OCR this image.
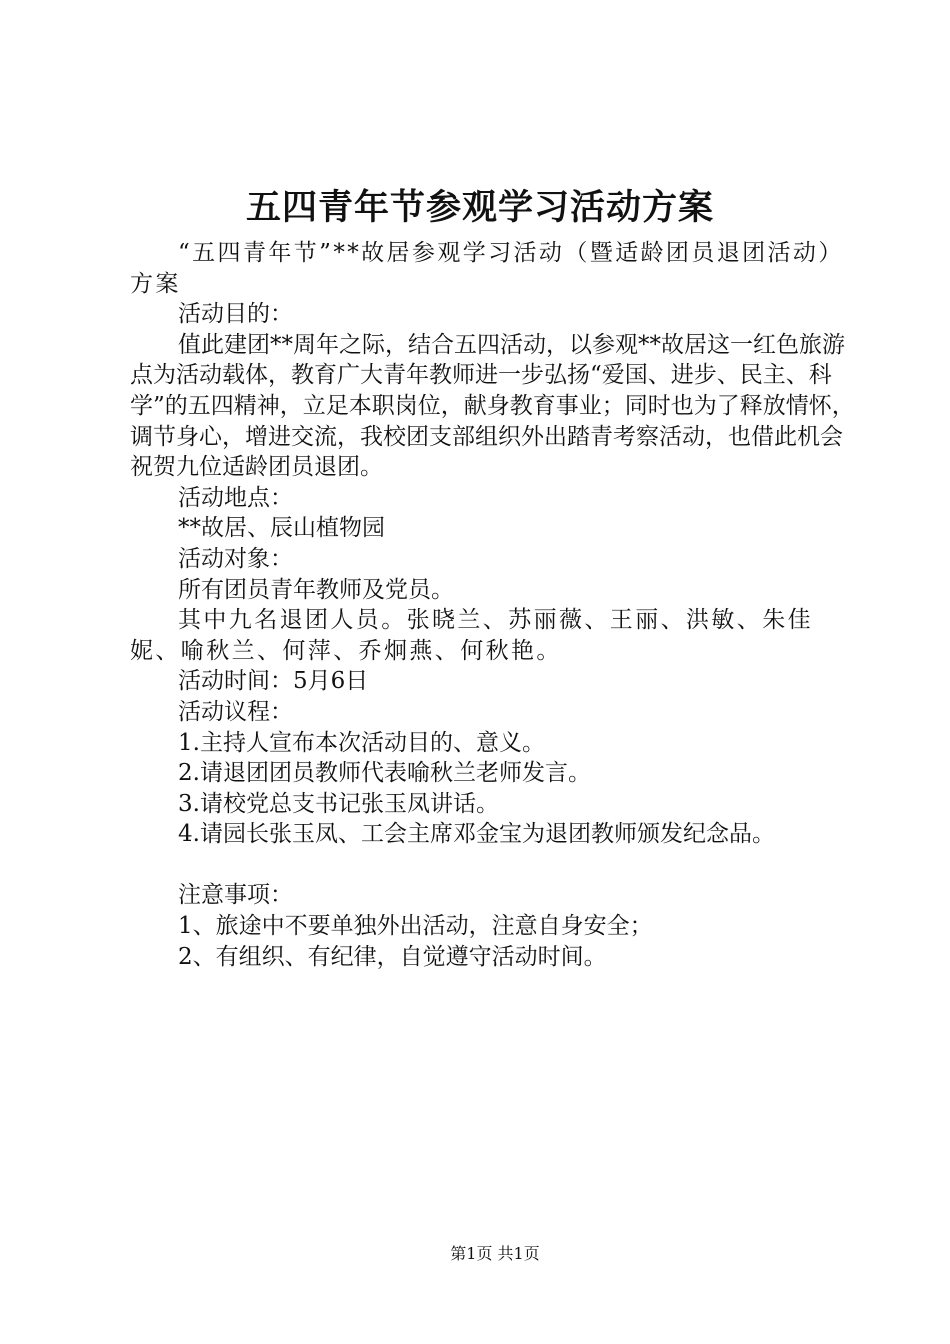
五四青年节参观学习活动方案

“五四青年节”**故居参观学习活动（暨适龄团员退团活动）方案

活动目的：

值此建团**周年之际，结合五四活动，以参观**故居这一红色旅游点为活动载体，教育广大青年教师进一步弘扬“爱国、进步、民主、科学”的五四精神，立足本职岗位，献身教育事业；同时也为了释放情怀，调节身心，增进交流，我校团支部组织外出踏青考察活动，也借此机会祝贺九位适龄团员退团。

活动地点：

**故居、辰山植物园

活动对象：

所有团员青年教师及党员。

其中九名退团人员。张晓兰、苏丽薇、王丽、洪敏、朱佳妮、喻秋兰、何萍、乔炯燕、何秋艳。

活动时间：5月6日

活动议程：

1.主持人宣布本次活动目的、意义。

2.请退团团员教师代表喻秋兰老师发言。

3.请校党总支书记张玉凤讲话。

4.请园长张玉凤、工会主席邓金宝为退团教师颁发纪念品。

注意事项：

1、旅途中不要单独外出活动，注意自身安全；

2、有组织、有纪律，自觉遵守活动时间。

第1页 共1页
